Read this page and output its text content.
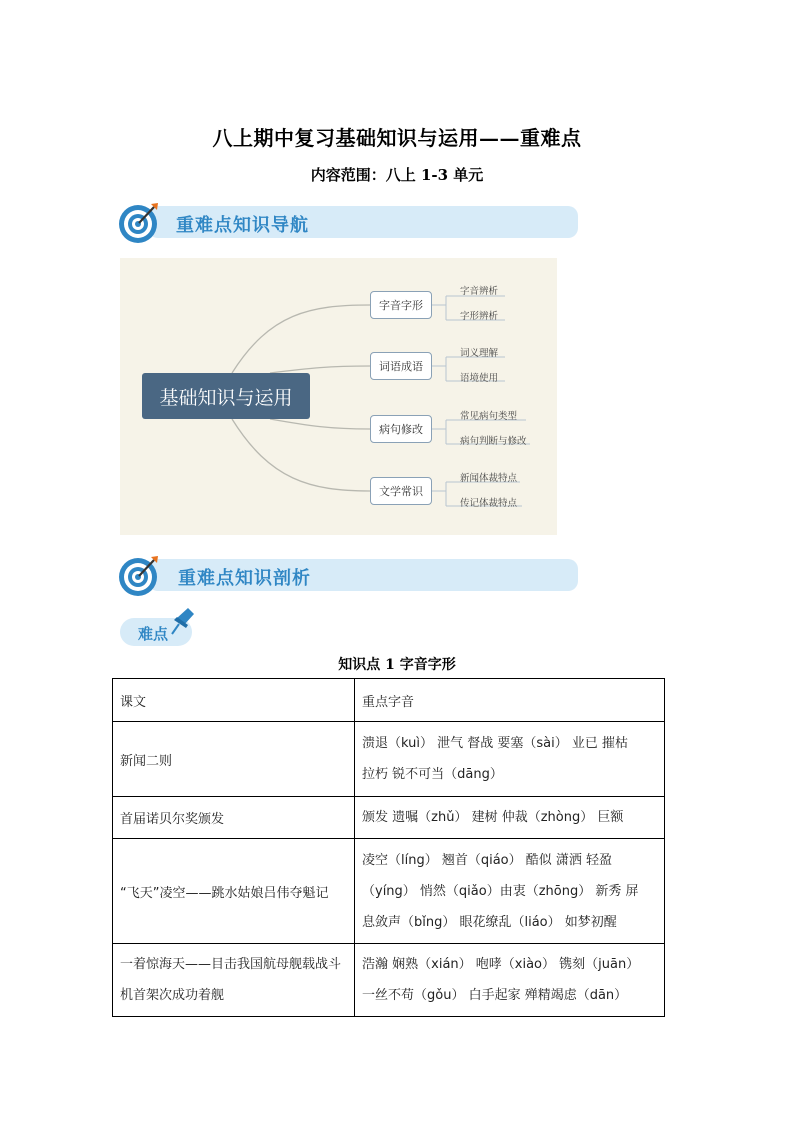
八上期中复习基础知识与运用——重难点
内容范围：八上 1-3 单元
重难点知识导航
基础知识与运用
字音字形
字音辨析
字形辨析
词语成语
词义理解
语境使用
病句修改
常见病句类型
病句判断与修改
文学常识
新闻体裁特点
传记体裁特点
重难点知识剖析
难点
知识点 1 字音字形
课文	重点字音
新闻二则	溃退（kuì） 泄气 督战 要塞（sài） 业已 摧枯
拉朽 锐不可当（dāng）

首届诺贝尔奖颁发	颁发 遗嘱（zhǔ） 建树 仲裁（zhòng） 巨额

“飞天”凌空——跳水姑娘吕伟夺魁记	凌空（líng） 翘首（qiáo） 酷似 潇洒 轻盈
（yíng） 悄然（qiǎo）由衷（zhōng） 新秀 屏
息敛声（bǐng） 眼花缭乱（liáo） 如梦初醒

一着惊海天——目击我国航母舰载战斗机首架次成功着舰	浩瀚 娴熟（xián） 咆哮（xiào） 镌刻（juān）
一丝不苟（gǒu） 白手起家 殚精竭虑（dān）
